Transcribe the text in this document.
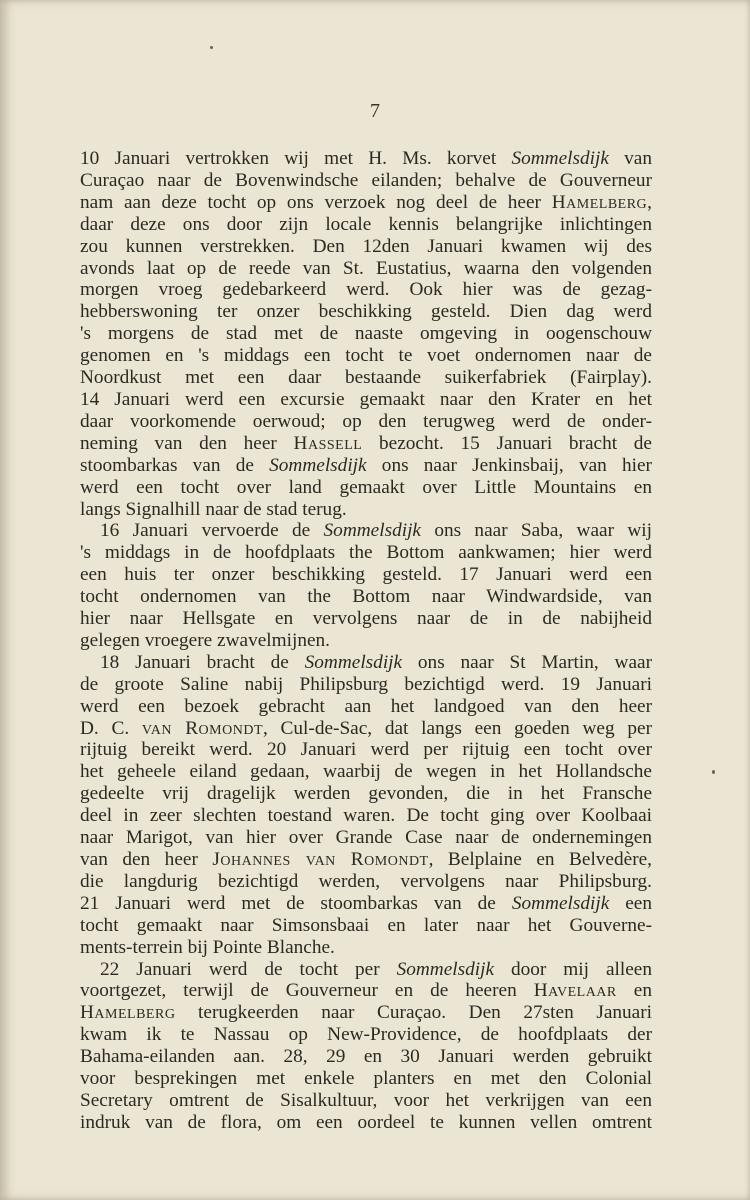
7
10 Januari vertrokken wij met H. Ms. korvet Sommelsdijk van
Curaçao naar de Bovenwindsche eilanden; behalve de Gouverneur
nam aan deze tocht op ons verzoek nog deel de heer Hamelberg,
daar deze ons door zijn locale kennis belangrijke inlichtingen
zou kunnen verstrekken. Den 12den Januari kwamen wij des
avonds laat op de reede van St. Eustatius, waarna den volgenden
morgen vroeg gedebarkeerd werd. Ook hier was de gezag-
hebberswoning ter onzer beschikking gesteld. Dien dag werd
's morgens de stad met de naaste omgeving in oogenschouw
genomen en 's middags een tocht te voet ondernomen naar de
Noordkust met een daar bestaande suikerfabriek (Fairplay).
14 Januari werd een excursie gemaakt naar den Krater en het
daar voorkomende oerwoud; op den terugweg werd de onder-
neming van den heer Hassell bezocht. 15 Januari bracht de
stoombarkas van de Sommelsdijk ons naar Jenkinsbaij, van hier
werd een tocht over land gemaakt over Little Mountains en
langs Signalhill naar de stad terug.
16 Januari vervoerde de Sommelsdijk ons naar Saba, waar wij
's middags in de hoofdplaats the Bottom aankwamen; hier werd
een huis ter onzer beschikking gesteld. 17 Januari werd een
tocht ondernomen van the Bottom naar Windwardside, van
hier naar Hellsgate en vervolgens naar de in de nabijheid
gelegen vroegere zwavelmijnen.
18 Januari bracht de Sommelsdijk ons naar St Martin, waar
de groote Saline nabij Philipsburg bezichtigd werd. 19 Januari
werd een bezoek gebracht aan het landgoed van den heer
D. C. van Romondt, Cul-de-Sac, dat langs een goeden weg per
rijtuig bereikt werd. 20 Januari werd per rijtuig een tocht over
het geheele eiland gedaan, waarbij de wegen in het Hollandsche
gedeelte vrij dragelijk werden gevonden, die in het Fransche
deel in zeer slechten toestand waren. De tocht ging over Koolbaai
naar Marigot, van hier over Grande Case naar de ondernemingen
van den heer Johannes van Romondt, Belplaine en Belvedère,
die langdurig bezichtigd werden, vervolgens naar Philipsburg.
21 Januari werd met de stoombarkas van de Sommelsdijk een
tocht gemaakt naar Simsonsbaai en later naar het Gouverne-
ments-terrein bij Pointe Blanche.
22 Januari werd de tocht per Sommelsdijk door mij alleen
voortgezet, terwijl de Gouverneur en de heeren Havelaar en
Hamelberg terugkeerden naar Curaçao. Den 27sten Januari
kwam ik te Nassau op New-Providence, de hoofdplaats der
Bahama-eilanden aan. 28, 29 en 30 Januari werden gebruikt
voor besprekingen met enkele planters en met den Colonial
Secretary omtrent de Sisalkultuur, voor het verkrijgen van een
indruk van de flora, om een oordeel te kunnen vellen omtrent
